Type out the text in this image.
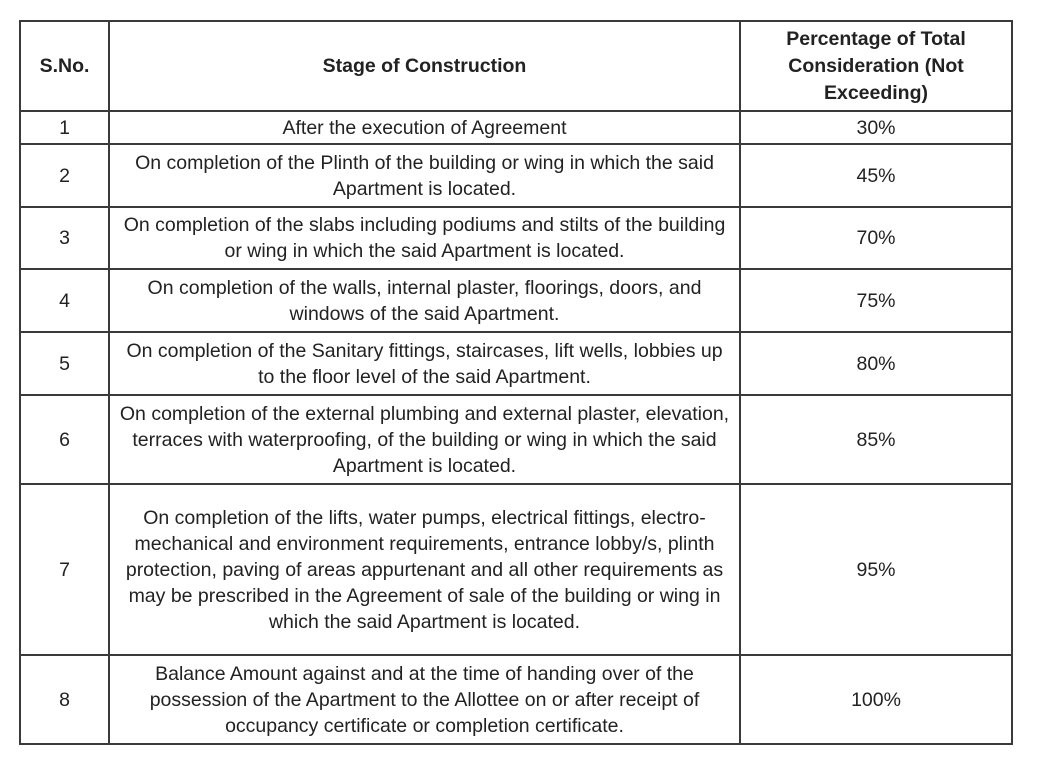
S.No.	Stage of Construction	Percentage of Total Consideration (Not Exceeding)
1	After the execution of Agreement	30%
2	On completion of the Plinth of the building or wing in which the said Apartment is located.	45%
3	On completion of the slabs including podiums and stilts of the building or wing in which the said Apartment is located.	70%
4	On completion of the walls, internal plaster, floorings, doors, and windows of the said Apartment.	75%
5	On completion of the Sanitary fittings, staircases, lift wells, lobbies up to the floor level of the said Apartment.	80%
6	On completion of the external plumbing and external plaster, elevation, terraces with waterproofing, of the building or wing in which the said Apartment is located.	85%
7	On completion of the lifts, water pumps, electrical fittings, electro-mechanical and environment requirements, entrance lobby/s, plinth protection, paving of areas appurtenant and all other requirements as may be prescribed in the Agreement of sale of the building or wing in which the said Apartment is located.	95%
8	Balance Amount against and at the time of handing over of the possession of the Apartment to the Allottee on or after receipt of occupancy certificate or completion certificate.	100%
